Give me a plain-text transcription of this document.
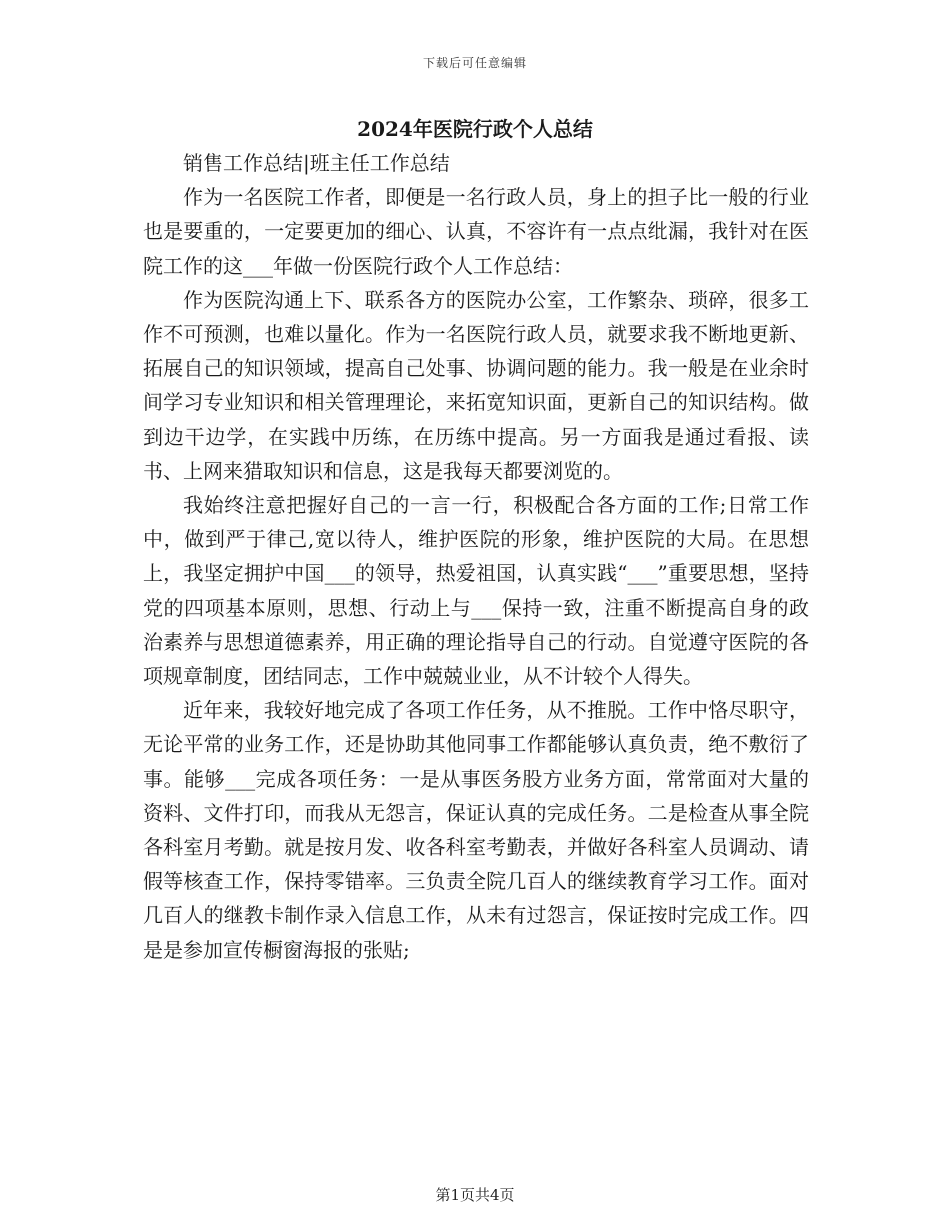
下载后可任意编辑
2024年医院行政个人总结

销售工作总结|班主任工作总结

作为一名医院工作者，即便是一名行政人员，身上的担子比一般的行业也是要重的，一定要更加的细心、认真，不容许有一点点纰漏，我针对在医院工作的这___年做一份医院行政个人工作总结：

作为医院沟通上下、联系各方的医院办公室，工作繁杂、琐碎，很多工作不可预测，也难以量化。作为一名医院行政人员，就要求我不断地更新、拓展自己的知识领域，提高自己处事、协调问题的能力。我一般是在业余时间学习专业知识和相关管理理论，来拓宽知识面，更新自己的知识结构。做到边干边学，在实践中历练，在历练中提高。另一方面我是通过看报、读书、上网来猎取知识和信息，这是我每天都要浏览的。

我始终注意把握好自己的一言一行，积极配合各方面的工作;日常工作中，做到严于律己,宽以待人，维护医院的形象，维护医院的大局。在思想上，我坚定拥护中国___的领导，热爱祖国，认真实践“___”重要思想，坚持党的四项基本原则，思想、行动上与___保持一致，注重不断提高自身的政治素养与思想道德素养，用正确的理论指导自己的行动。自觉遵守医院的各项规章制度，团结同志，工作中兢兢业业，从不计较个人得失。

近年来，我较好地完成了各项工作任务，从不推脱。工作中恪尽职守，无论平常的业务工作，还是协助其他同事工作都能够认真负责，绝不敷衍了事。能够___完成各项任务：一是从事医务股方业务方面，常常面对大量的资料、文件打印，而我从无怨言，保证认真的完成任务。二是检查从事全院各科室月考勤。就是按月发、收各科室考勤表，并做好各科室人员调动、请假等核查工作，保持零错率。三负责全院几百人的继续教育学习工作。面对几百人的继教卡制作录入信息工作，从未有过怨言，保证按时完成工作。四是是参加宣传橱窗海报的张贴;

第1页共4页
